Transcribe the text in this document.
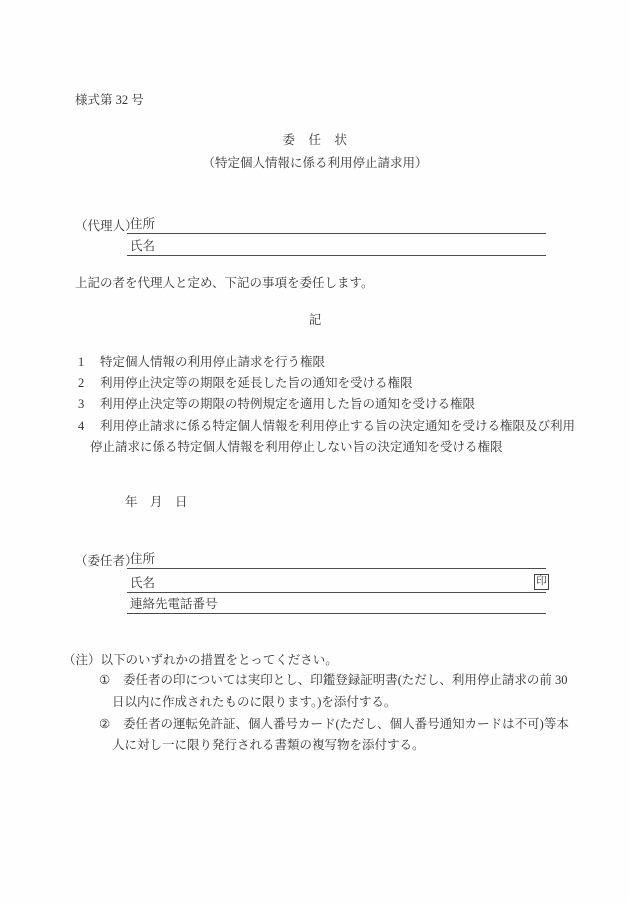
様式第 32 号
委　任　状
（特定個人情報に係る利用停止請求用）
（代理人）
住所
氏名
上記の者を代理人と定め、下記の事項を委任します。
記
1	特定個人情報の利用停止請求を行う権限
2	利用停止決定等の期限を延長した旨の通知を受ける権限
3	利用停止決定等の期限の特例規定を適用した旨の通知を受ける権限
4	利用停止請求に係る特定個人情報を利用停止する旨の決定通知を受ける権限及び利用
停止請求に係る特定個人情報を利用停止しない旨の決定通知を受ける権限
年　月　日
（委任者）
住所
氏名	印
連絡先電話番号
（注）以下のいずれかの措置をとってください。
①	委任者の印については実印とし、印鑑登録証明書(ただし、利用停止請求の前 30
日以内に作成されたものに限ります。)を添付する。
②	委任者の運転免許証、個人番号カード(ただし、個人番号通知カードは不可)等本
人に対し一に限り発行される書類の複写物を添付する。
